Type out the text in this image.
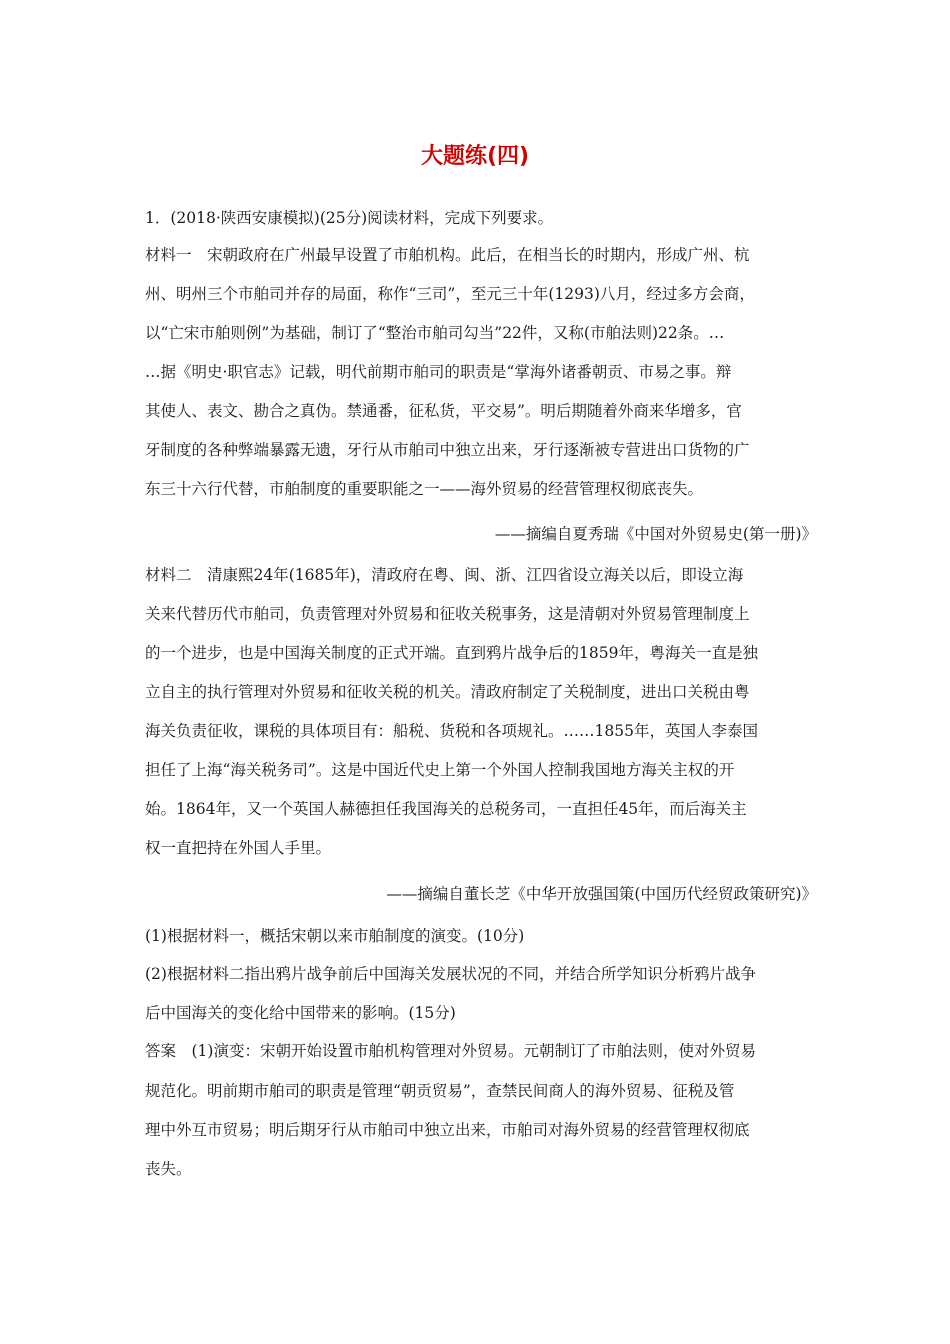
大题练(四)
1．(2018·陕西安康模拟)(25分)阅读材料，完成下列要求。
材料一　宋朝政府在广州最早设置了市舶机构。此后，在相当长的时期内，形成广州、杭
州、明州三个市舶司并存的局面，称作“三司”，至元三十年(1293)八月，经过多方会商，
以“亡宋市舶则例”为基础，制订了“整治市舶司勾当”22件，又称(市舶法则)22条。…
…据《明史·职官志》记载，明代前期市舶司的职责是“掌海外诸番朝贡、市易之事。辩
其使人、表文、勘合之真伪。禁通番，征私货，平交易”。明后期随着外商来华增多，官
牙制度的各种弊端暴露无遗，牙行从市舶司中独立出来，牙行逐渐被专营进出口货物的广
东三十六行代替，市舶制度的重要职能之一——海外贸易的经营管理权彻底丧失。
——摘编自夏秀瑞《中国对外贸易史(第一册)》
材料二　清康熙24年(1685年)，清政府在粤、闽、浙、江四省设立海关以后，即设立海
关来代替历代市舶司，负责管理对外贸易和征收关税事务，这是清朝对外贸易管理制度上
的一个进步，也是中国海关制度的正式开端。直到鸦片战争后的1859年，粤海关一直是独
立自主的执行管理对外贸易和征收关税的机关。清政府制定了关税制度，进出口关税由粤
海关负责征收，课税的具体项目有：船税、货税和各项规礼。……1855年，英国人李泰国
担任了上海“海关税务司”。这是中国近代史上第一个外国人控制我国地方海关主权的开
始。1864年，又一个英国人赫德担任我国海关的总税务司，一直担任45年，而后海关主
权一直把持在外国人手里。
——摘编自董长芝《中华开放强国策(中国历代经贸政策研究)》
(1)根据材料一，概括宋朝以来市舶制度的演变。(10分)
(2)根据材料二指出鸦片战争前后中国海关发展状况的不同，并结合所学知识分析鸦片战争
后中国海关的变化给中国带来的影响。(15分)
答案　(1)演变：宋朝开始设置市舶机构管理对外贸易。元朝制订了市舶法则，使对外贸易
规范化。明前期市舶司的职责是管理“朝贡贸易”，查禁民间商人的海外贸易、征税及管
理中外互市贸易；明后期牙行从市舶司中独立出来，市舶司对海外贸易的经营管理权彻底
丧失。
